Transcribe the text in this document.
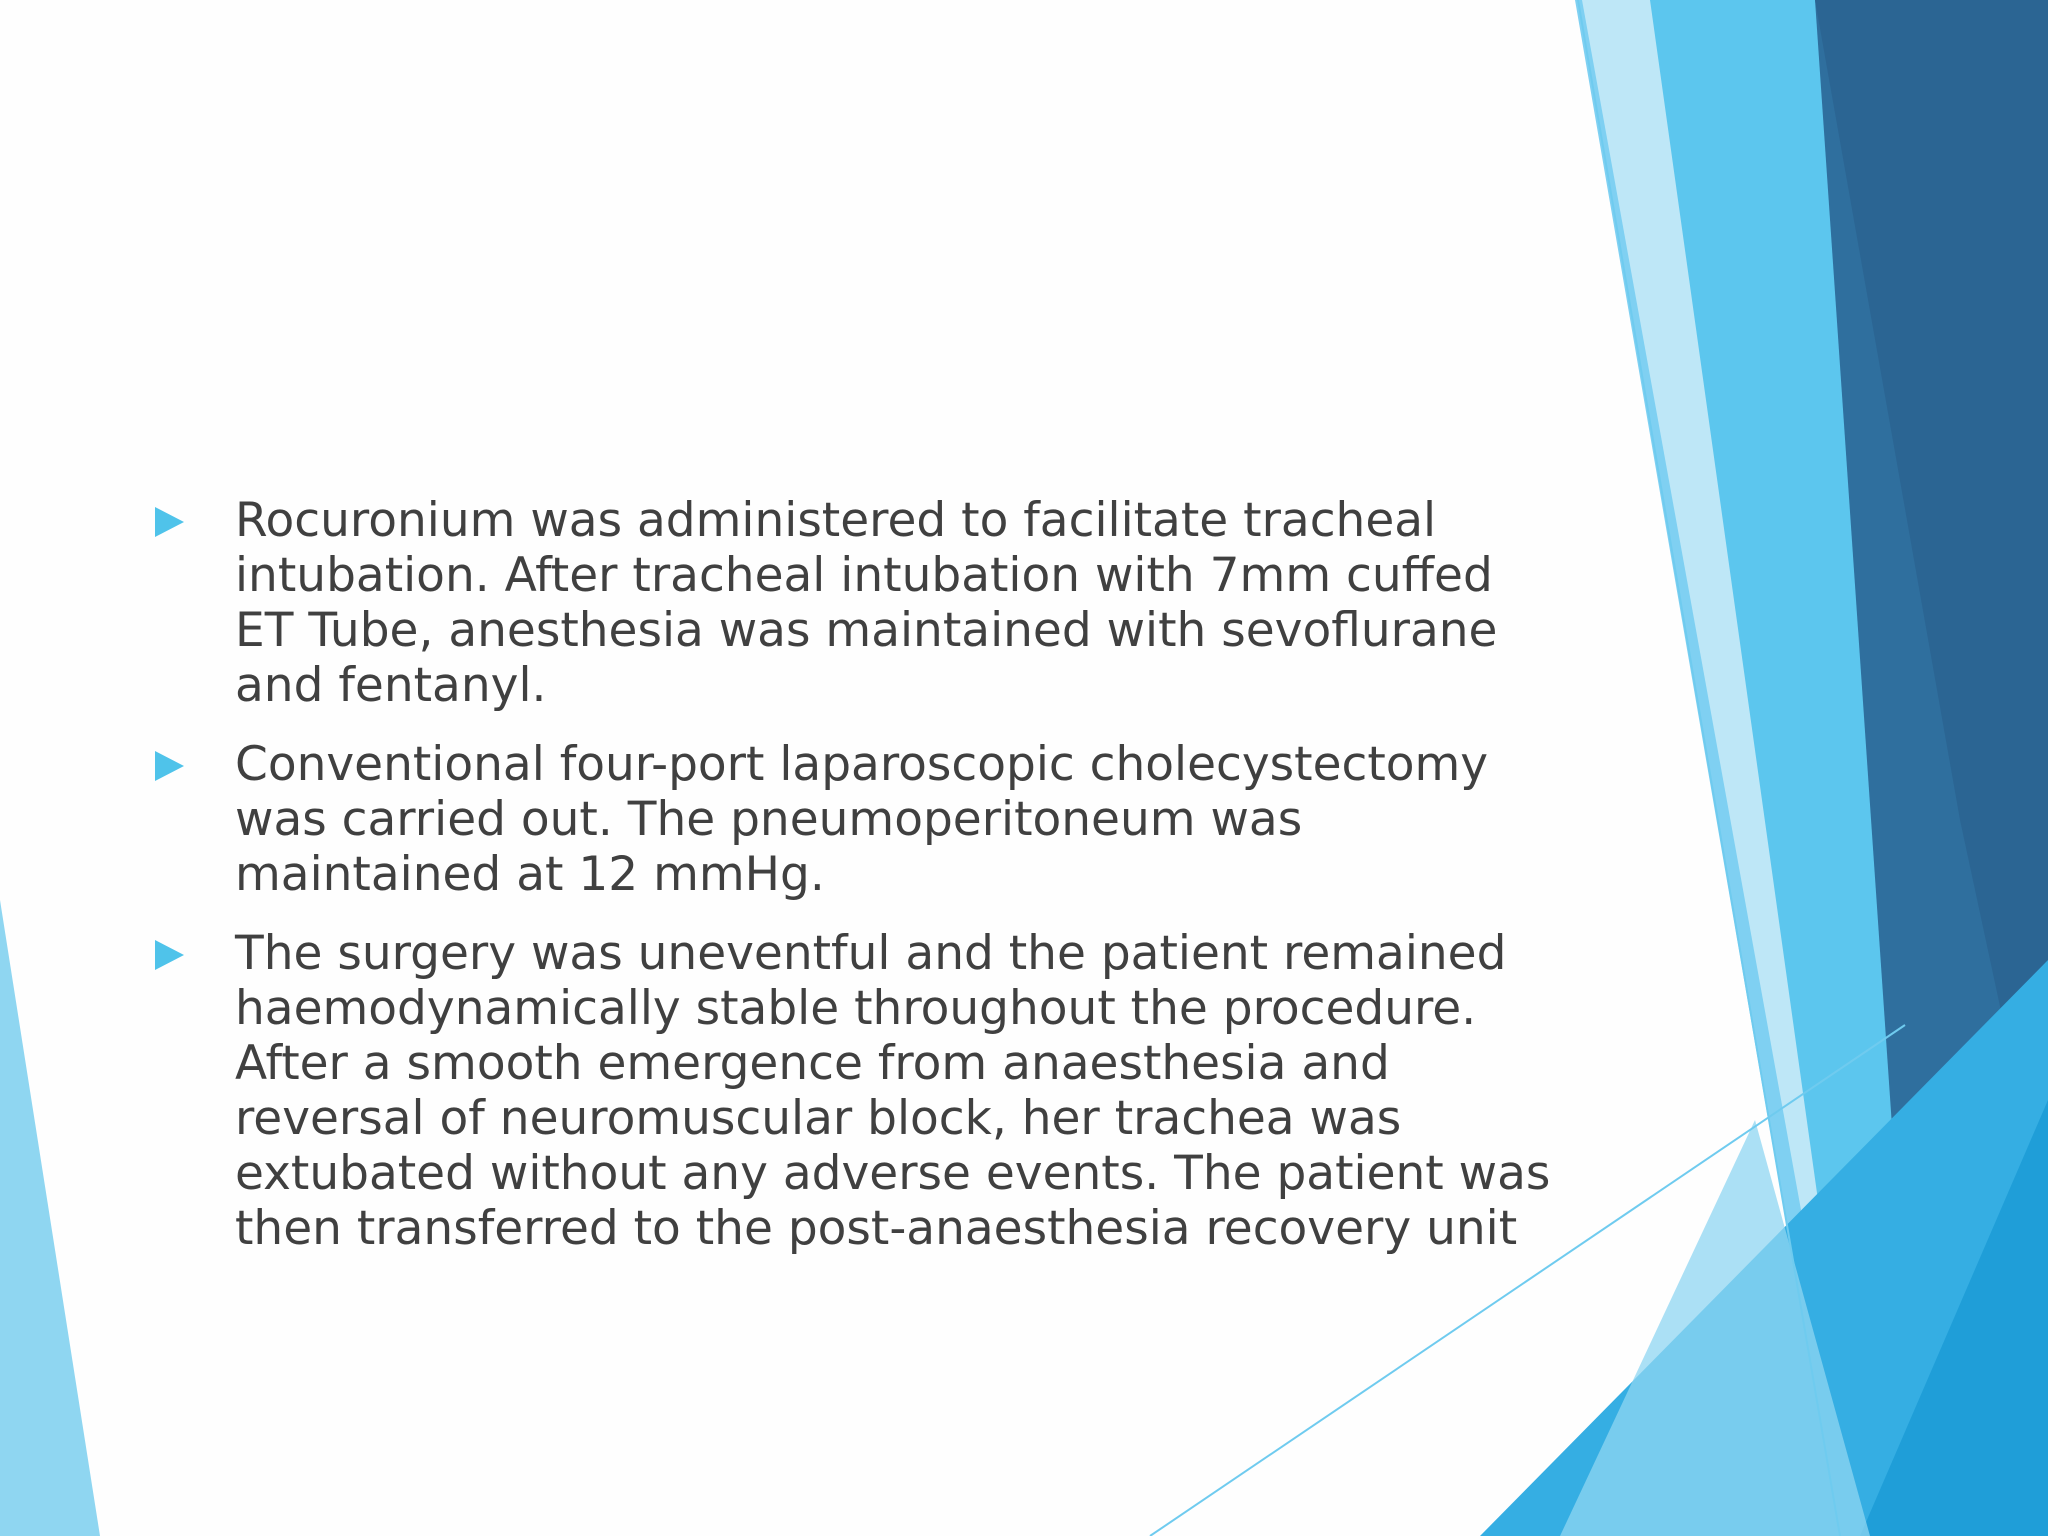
Rocuronium was administered to facilitate tracheal
intubation. After tracheal intubation with 7mm cuffed
ET Tube, anesthesia was maintained with sevoflurane
and fentanyl.
Conventional four-port laparoscopic cholecystectomy
was carried out. The pneumoperitoneum was
maintained at 12 mmHg.
The surgery was uneventful and the patient remained
haemodynamically stable throughout the procedure.
After a smooth emergence from anaesthesia and
reversal of neuromuscular block, her trachea was
extubated without any adverse events. The patient was
then transferred to the post-anaesthesia recovery unit
